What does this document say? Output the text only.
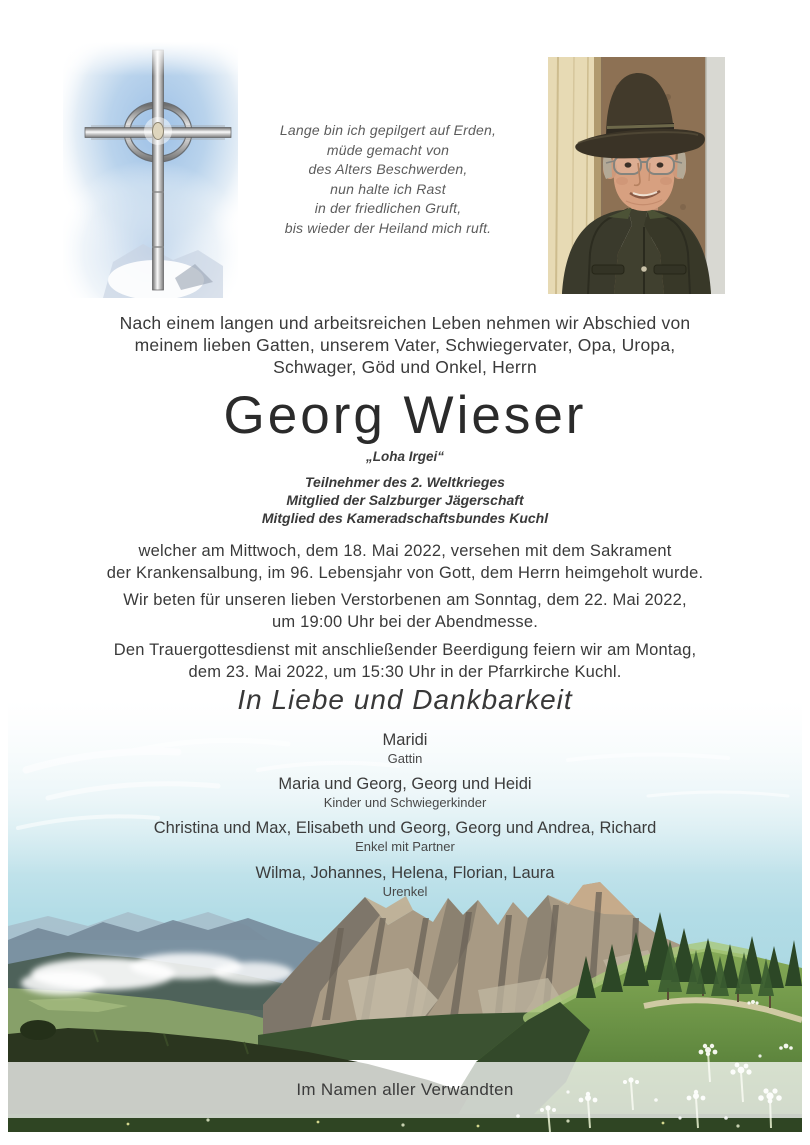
Lange bin ich gepilgert auf Erden,
müde gemacht von
des Alters Beschwerden,
nun halte ich Rast
in der friedlichen Gruft,
bis wieder der Heiland mich ruft.
Nach einem langen und arbeitsreichen Leben nehmen wir Abschied von
meinem lieben Gatten, unserem Vater, Schwiegervater, Opa, Uropa,
Schwager, Göd und Onkel, Herrn
Georg Wieser
„Loha Irgei“
Teilnehmer des 2. Weltkrieges
Mitglied der Salzburger Jägerschaft
Mitglied des Kameradschaftsbundes Kuchl
welcher am Mittwoch, dem 18. Mai 2022, versehen mit dem Sakrament
der Krankensalbung, im 96. Lebensjahr von Gott, dem Herrn heimgeholt wurde.
Wir beten für unseren lieben Verstorbenen am Sonntag, dem 22. Mai 2022,
um 19:00 Uhr bei der Abendmesse.
Den Trauergottesdienst mit anschließender Beerdigung feiern wir am Montag,
dem 23. Mai 2022, um 15:30 Uhr in der Pfarrkirche Kuchl.
In Liebe und Dankbarkeit
Maridi
Gattin
Maria und Georg, Georg und Heidi
Kinder und Schwiegerkinder
Christina und Max, Elisabeth und Georg, Georg und Andrea, Richard
Enkel mit Partner
Wilma, Johannes, Helena, Florian, Laura
Urenkel
Im Namen aller Verwandten
